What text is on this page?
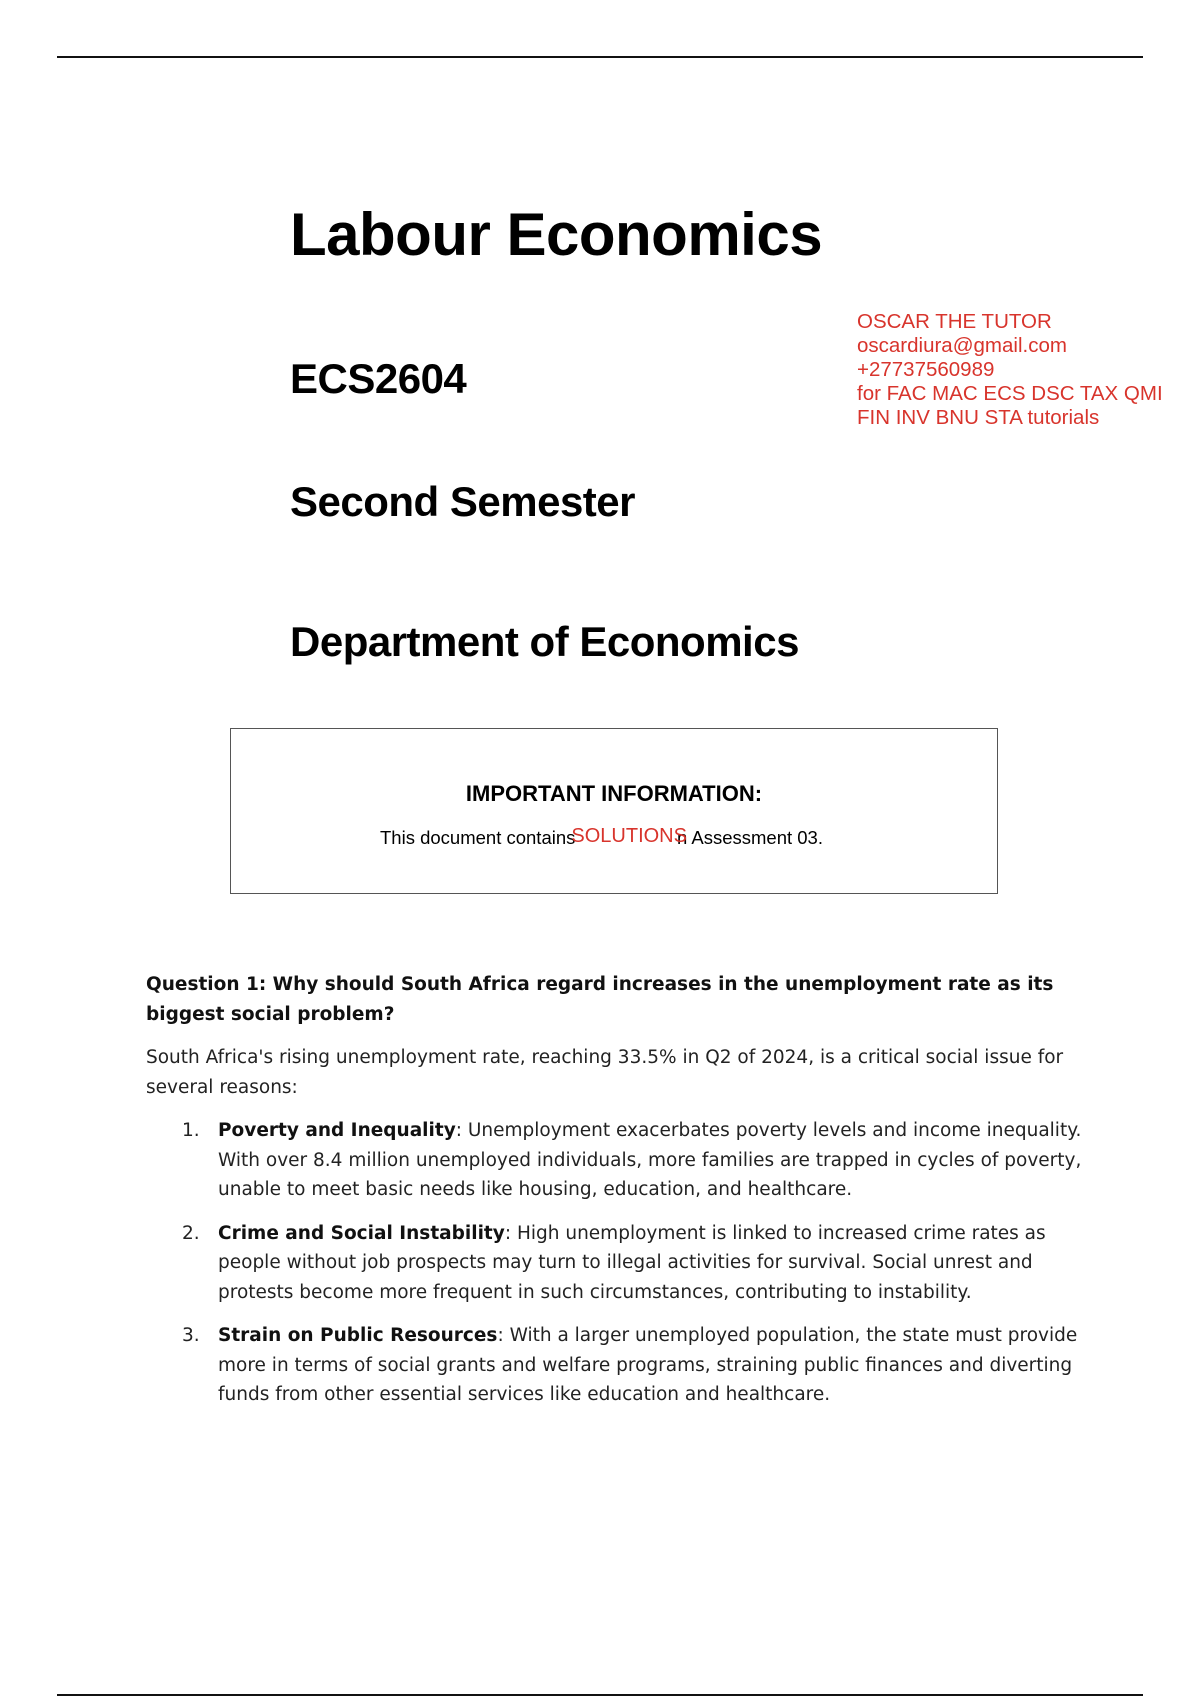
Labour Economics
ECS2604
Second Semester
Department of Economics
OSCAR THE TUTOR
oscardiura@gmail.com
+27737560989
for FAC MAC ECS DSC TAX QMI
FIN INV BNU STA tutorials
IMPORTANT INFORMATION:
This document containsSOLUTIONSn Assessment 03.

Question 1: Why should South Africa regard increases in the unemployment rate as its biggest social problem?

South Africa's rising unemployment rate, reaching 33.5% in Q2 of 2024, is a critical social issue for several reasons:

1. Poverty and Inequality: Unemployment exacerbates poverty levels and income inequality. With over 8.4 million unemployed individuals, more families are trapped in cycles of poverty, unable to meet basic needs like housing, education, and healthcare.
2. Crime and Social Instability: High unemployment is linked to increased crime rates as people without job prospects may turn to illegal activities for survival. Social unrest and protests become more frequent in such circumstances, contributing to instability.
3. Strain on Public Resources: With a larger unemployed population, the state must provide more in terms of social grants and welfare programs, straining public finances and diverting funds from other essential services like education and healthcare.
